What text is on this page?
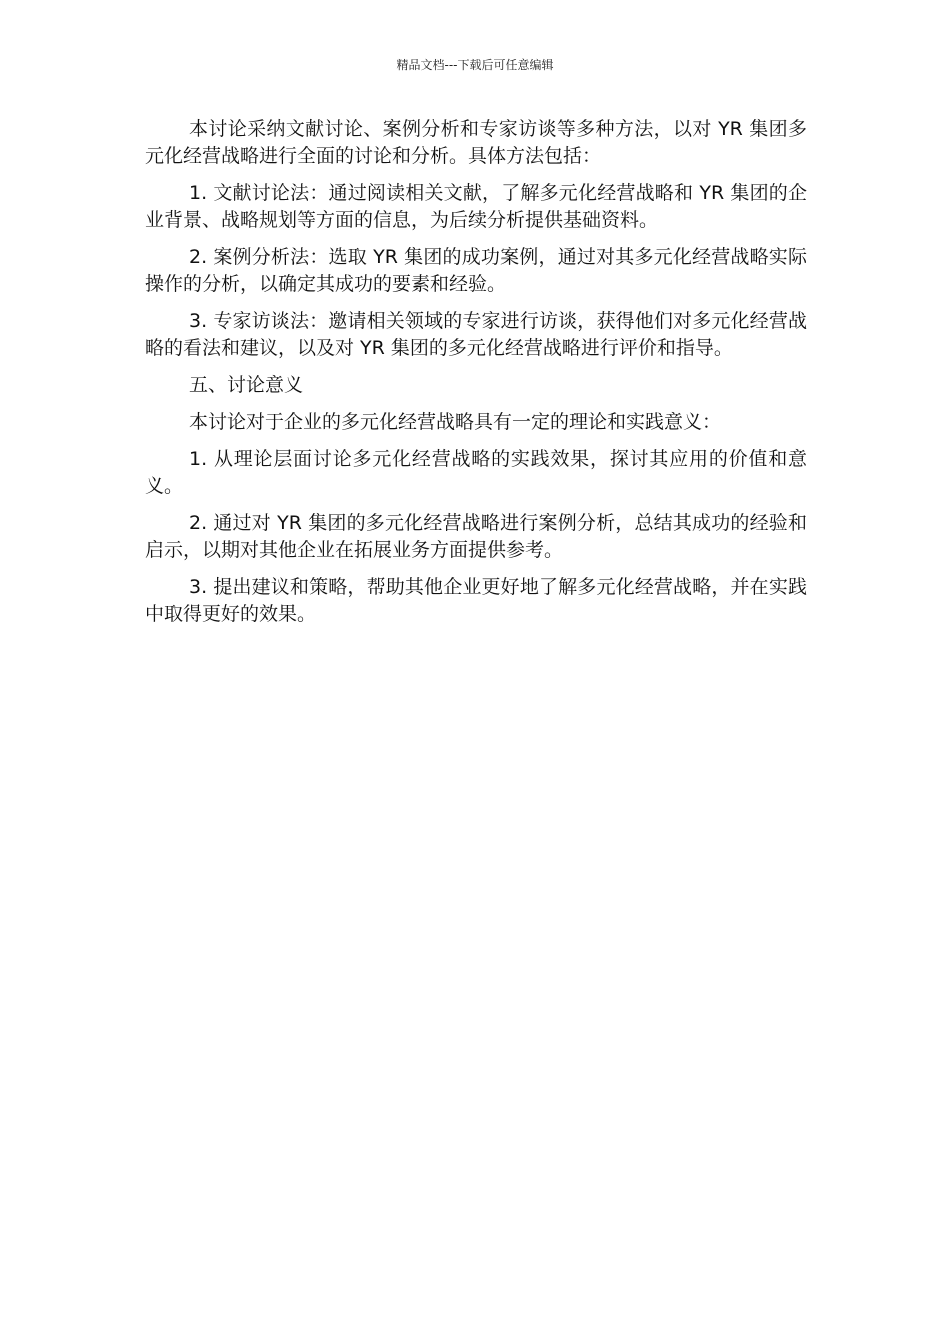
精品文档---下载后可任意编辑

本讨论采纳文献讨论、案例分析和专家访谈等多种方法，以对 YR 集团多元化经营战略进行全面的讨论和分析。具体方法包括：

1. 文献讨论法：通过阅读相关文献，了解多元化经营战略和 YR 集团的企业背景、战略规划等方面的信息，为后续分析提供基础资料。

2. 案例分析法：选取 YR 集团的成功案例，通过对其多元化经营战略实际操作的分析，以确定其成功的要素和经验。

3. 专家访谈法：邀请相关领域的专家进行访谈，获得他们对多元化经营战略的看法和建议，以及对 YR 集团的多元化经营战略进行评价和指导。

五、讨论意义

本讨论对于企业的多元化经营战略具有一定的理论和实践意义：

1. 从理论层面讨论多元化经营战略的实践效果，探讨其应用的价值和意义。

2. 通过对 YR 集团的多元化经营战略进行案例分析，总结其成功的经验和启示，以期对其他企业在拓展业务方面提供参考。

3. 提出建议和策略，帮助其他企业更好地了解多元化经营战略，并在实践中取得更好的效果。
